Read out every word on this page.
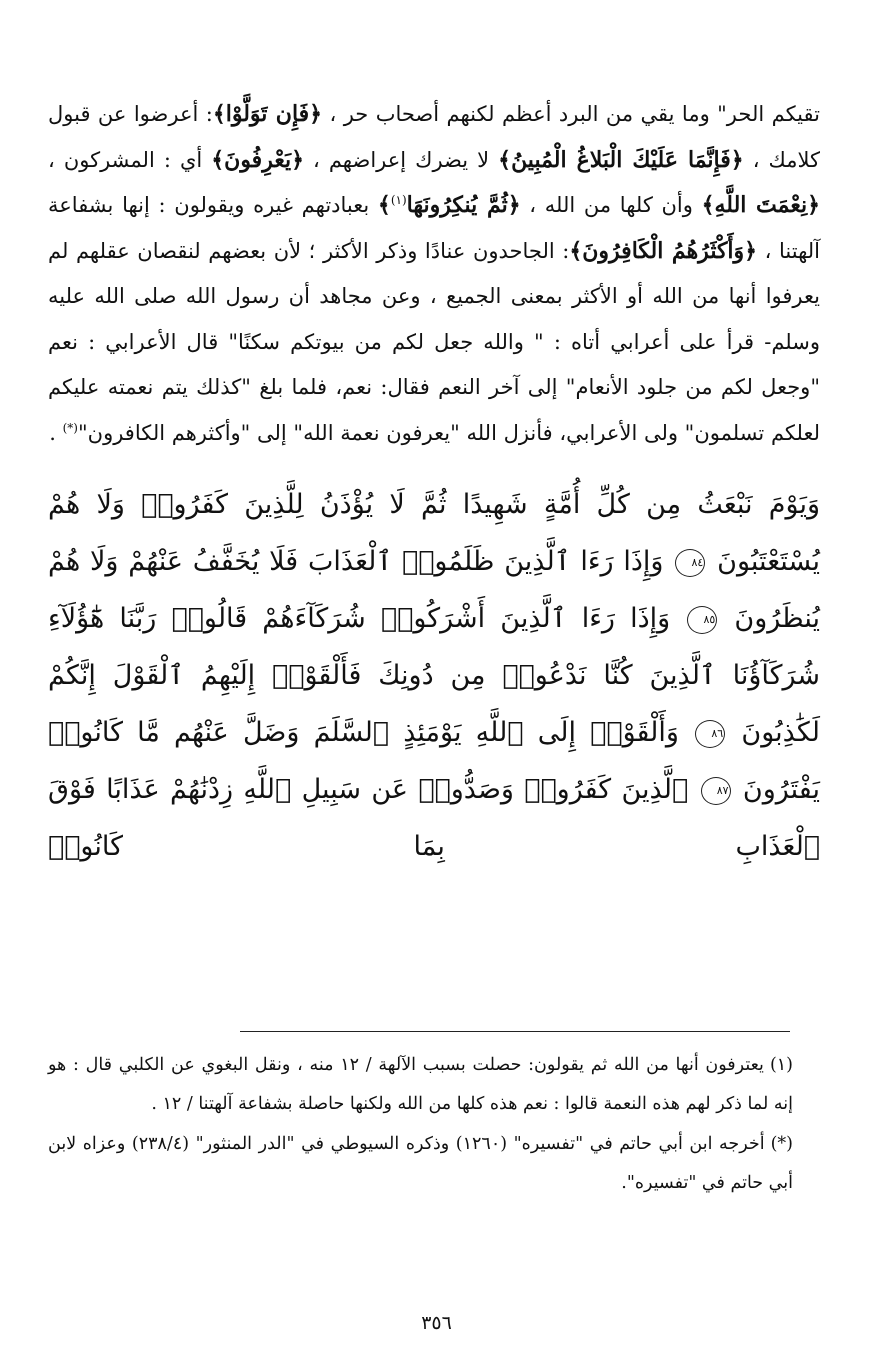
تقيكم الحر" وما يقي من البرد أعظم لكنهم أصحاب حر ، ﴿فَإِن تَوَلَّوْا﴾: أعرضوا عن قبول كلامك ، ﴿فَإِنَّمَا عَلَيْكَ الْبَلاغُ الْمُبِينُ﴾ لا يضرك إعراضهم ، ﴿يَعْرِفُونَ﴾ أي : المشركون ، ﴿نِعْمَتَ اللَّهِ﴾ وأن كلها من الله ، ﴿ثُمَّ يُنكِرُونَهَا$^{(١)}$﴾ بعبادتهم غيره ويقولون : إنها بشفاعة آلهتنا ، ﴿وَأَكْثَرُهُمُ الْكَافِرُونَ﴾: الجاحدون عنادًا وذكر الأكثر ؛ لأن بعضهم لنقصان عقلهم لم يعرفوا أنها من الله أو الأكثر بمعنى الجميع ، وعن مجاهد أن رسول الله صلى الله عليه وسلم- قرأ على أعرابي أتاه : " والله جعل لكم من بيوتكم سكنًا" قال الأعرابي : نعم "وجعل لكم من جلود الأنعام" إلى آخر النعم فقال: نعم، فلما بلغ "كذلك يتم نعمته عليكم لعلكم تسلمون" ولى الأعرابي، فأنزل الله "يعرفون نعمة الله" إلى "وأكثرهم الكافرون"(*) .

وَيَوْمَ نَبْعَثُ مِن كُلِّ أُمَّةٍ شَهِيدًا ثُمَّ لَا يُؤْذَنُ لِلَّذِينَ كَفَرُوا۟ وَلَا هُمْ يُسْتَعْتَبُونَ ٨٤ وَإِذَا رَءَا ٱلَّذِينَ ظَلَمُوا۟ ٱلْعَذَابَ فَلَا يُخَفَّفُ عَنْهُمْ وَلَا هُمْ يُنظَرُونَ ٨٥ وَإِذَا رَءَا ٱلَّذِينَ أَشْرَكُوا۟ شُرَكَآءَهُمْ قَالُوا۟ رَبَّنَا هَٰٓؤُلَآءِ شُرَكَآؤُنَا ٱلَّذِينَ كُنَّا نَدْعُوا۟ مِن دُونِكَ فَأَلْقَوْا۟ إِلَيْهِمُ ٱلْقَوْلَ إِنَّكُمْ لَكَٰذِبُونَ ٨٦ وَأَلْقَوْا۟ إِلَى ٱللَّهِ يَوْمَئِذٍ ٱلسَّلَمَ وَضَلَّ عَنْهُم مَّا كَانُوا۟ يَفْتَرُونَ ٨٧ ٱلَّذِينَ كَفَرُوا۟ وَصَدُّوا۟ عَن سَبِيلِ ٱللَّهِ زِدْنَٰهُمْ عَذَابًا فَوْقَ ٱلْعَذَابِ بِمَا كَانُوا۟

(١)يعترفون أنها من الله ثم يقولون: حصلت بسبب الآلهة / ١٢ منه ، ونقل البغوي عن الكلبي قال : هو إنه لما ذكر لهم هذه النعمة قالوا : نعم هذه كلها من الله ولكنها حاصلة بشفاعة آلهتنا / ١٢ .

(*)أخرجه ابن أبي حاتم في "تفسيره" (١٢٦٠) وذكره السيوطي في "الدر المنثور" (٢٣٨/٤) وعزاه لابن أبي حاتم في "تفسيره".

٣٥٦
